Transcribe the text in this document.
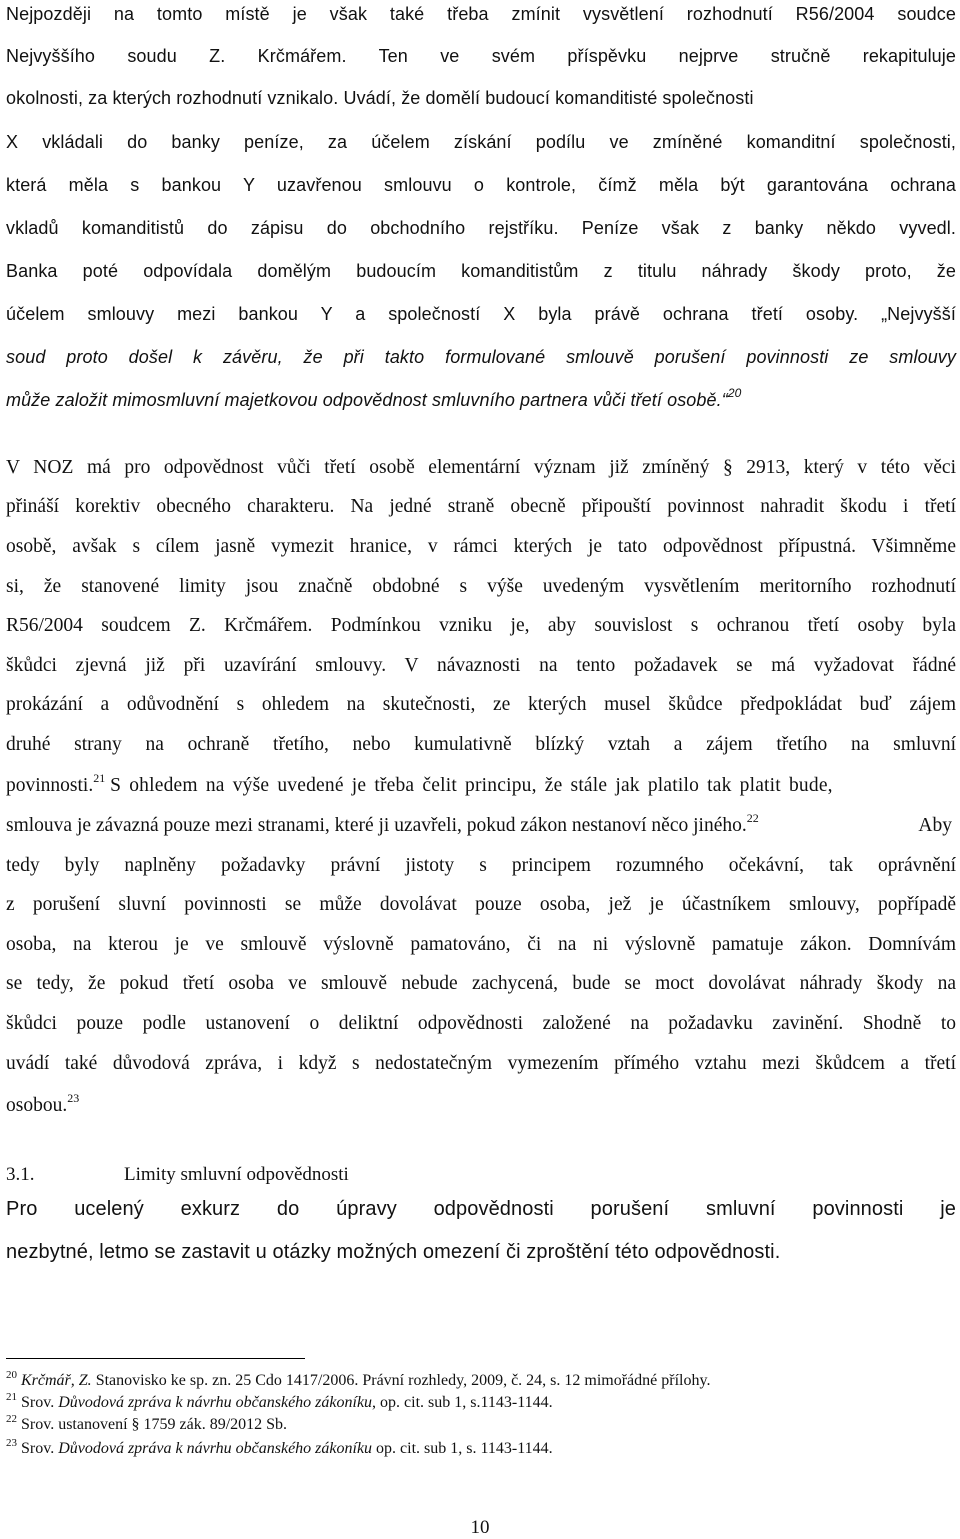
Nejpozději na tomto místě je však také třeba zmínit vysvětlení rozhodnutí R56/2004 soudce
Nejvyššího soudu Z. Krčmářem. Ten ve svém příspěvku nejprve stručně rekapituluje
okolnosti, za kterých rozhodnutí vznikalo. Uvádí, že domělí budoucí komanditisté společnosti
X vkládali do banky peníze, za účelem získání podílu ve zmíněné komanditní společnosti,
která měla s bankou Y uzavřenou smlouvu o kontrole, čímž měla být garantována ochrana
vkladů komanditistů do zápisu do obchodního rejstříku. Peníze však z banky někdo vyvedl.
Banka poté odpovídala domělým budoucím komanditistům z titulu náhrady škody proto, že
účelem smlouvy mezi bankou Y a společností X byla právě ochrana třetí osoby. „Nejvyšší
soud proto došel k závěru, že při takto formulované smlouvě porušení povinnosti ze smlouvy
může založit mimosmluvní majetkovou odpovědnost smluvního partnera vůči třetí osobě.“$^{20}$
V NOZ má pro odpovědnost vůči třetí osobě elementární význam již zmíněný § 2913, který v této věci
přináší korektiv obecného charakteru. Na jedné straně obecně připouští povinnost nahradit škodu i třetí
osobě, avšak s cílem jasně vymezit hranice, v rámci kterých je tato odpovědnost přípustná. Všimněme
si, že stanovené limity jsou značně obdobné s výše uvedeným vysvětlením meritorního rozhodnutí
R56/2004 soudcem Z. Krčmářem. Podmínkou vzniku je, aby souvislost s ochranou třetí osoby byla
škůdci zjevná již při uzavírání smlouvy. V návaznosti na tento požadavek se má vyžadovat řádné
prokázání a odůvodnění s ohledem na skutečnosti, ze kterých musel škůdce předpokládat buď zájem
druhé strany na ochraně třetího, nebo kumulativně blízký vztah a zájem třetího na smluvní
povinnosti.$^{21}$ S ohledem na výše uvedené je třeba čelit principu, že stále jak platilo tak platit bude,
smlouva je závazná pouze mezi stranami, které ji uzavřeli, pokud zákon nestanoví něco jiného.$^{22}$	Aby
tedy byly naplněny požadavky právní jistoty s principem rozumného očekávní, tak oprávnění
z porušení sluvní povinnosti se může dovolávat pouze osoba, jež je účastníkem smlouvy, popřípadě
osoba, na kterou je ve smlouvě výslovně pamatováno, či na ni výslovně pamatuje zákon. Domnívám
se tedy, že pokud třetí osoba ve smlouvě nebude zachycená, bude se moct dovolávat náhrady škody na
škůdci pouze podle ustanovení o deliktní odpovědnosti založené na požadavku zavinění. Shodně to
uvádí také důvodová zpráva, i když s nedostatečným vymezením přímého vztahu mezi škůdcem a třetí
osobou.$^{23}$
3.1.	Limity smluvní odpovědnosti
Pro ucelený exkurz do úpravy odpovědnosti porušení smluvní povinnosti je
nezbytné, letmo se zastavit u otázky možných omezení či zproštění této odpovědnosti.
$^{20}$ Krčmář, Z. Stanovisko ke sp. zn. 25 Cdo 1417/2006. Právní rozhledy, 2009, č. 24, s. 12 mimořádné přílohy.
$^{21}$ Srov. Důvodová zpráva k návrhu občanského zákoníku, op. cit. sub 1, s.1143-1144.
$^{22}$ Srov. ustanovení § 1759 zák. 89/2012 Sb.
$^{23}$ Srov. Důvodová zpráva k návrhu občanského zákoníku op. cit. sub 1, s. 1143-1144.
10
